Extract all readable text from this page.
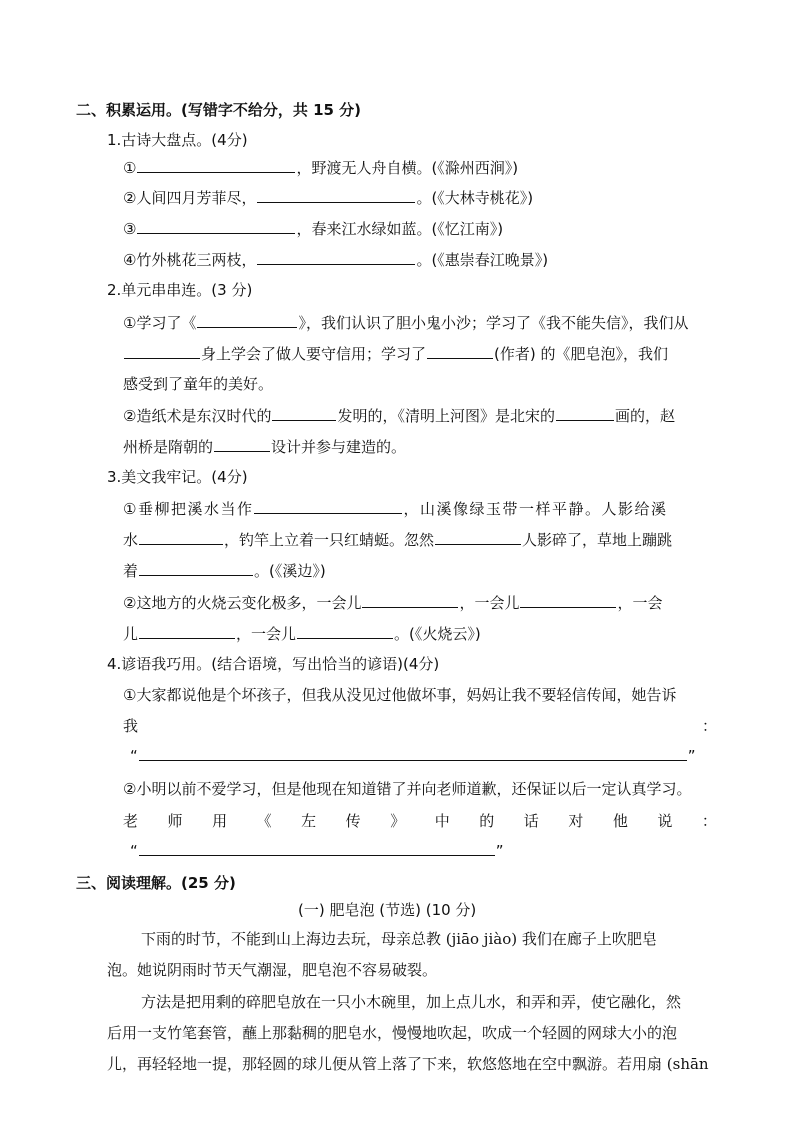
二、积累运用。(写错字不给分，共 15 分)
1.古诗大盘点。(4分)
①	，野渡无人舟自横。(《滁州西涧》)
②人间四月芳菲尽，	。(《大林寺桃花》)
③	，春来江水绿如蓝。(《忆江南》)
④竹外桃花三两枝，	。(《惠崇春江晚景》)
2.单元串串连。(3 分)
①学习了《	》，我们认识了胆小鬼小沙；学习了《我不能失信》，我们从
身上学会了做人要守信用；学习了	(作者) 的《肥皂泡》，我们
感受到了童年的美好。
②造纸术是东汉时代的	发明的，《清明上河图》是北宋的	画的，赵
州桥是隋朝的	设计并参与建造的。
3.美文我牢记。(4分)
①垂柳把溪水当作	，山溪像绿玉带一样平静。人影给溪
水	，钓竿上立着一只红蜻蜓。忽然	人影碎了，草地上蹦跳
着	。(《溪边》)
②这地方的火烧云变化极多，一会儿	，一会儿	，一会
儿	，一会儿	。(《火烧云》)
4.谚语我巧用。(结合语境，写出恰当的谚语)(4分)
①大家都说他是个坏孩子，但我从没见过他做坏事，妈妈让我不要轻信传闻，她告诉
我	：
“	”
②小明以前不爱学习，但是他现在知道错了并向老师道歉，还保证以后一定认真学习。
老 师 用 《 左 传 》 中 的 话 对 他 说 ：
“	”
三、阅读理解。(25 分)
(一) 肥皂泡 (节选) (10 分)
下雨的时节，不能到山上海边去玩，母亲总教 (jiāo jiào) 我们在廊子上吹肥皂
泡。她说阴雨时节天气潮湿，肥皂泡不容易破裂。
方法是把用剩的碎肥皂放在一只小木碗里，加上点儿水，和弄和弄，使它融化，然
后用一支竹笔套管，蘸上那黏稠的肥皂水，慢慢地吹起，吹成一个轻圆的网球大小的泡
儿，再轻轻地一提，那轻圆的球儿便从管上落了下来，软悠悠地在空中飘游。若用扇 (shān
